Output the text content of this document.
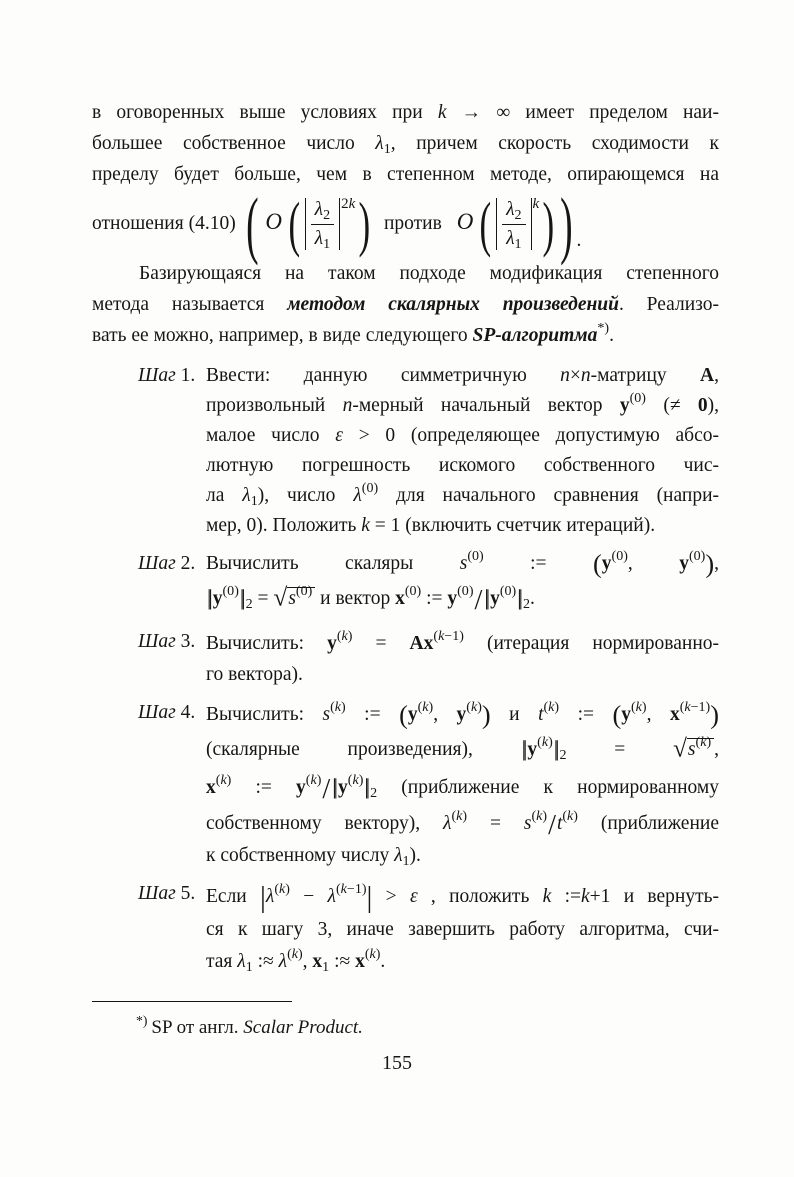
в оговоренных выше условиях при k → ∞ имеет пределом наи-
большее собственное число $\lambda_1$, причем скорость сходимости к
пределу будет больше, чем в степенном методе, опирающемся на

отношения (4.10) ( O ( $\frac{\lambda_2}{\lambda_1} 2k$ ) против O ( $\frac{\lambda_2}{\lambda_1}$ k ) ) .

Базирующаяся на таком подходе модификация степенного
метода называется методом скалярных произведений. Реализо-
вать ее можно, например, в виде следующего SP-алгоритма*).

Шаг 1. Ввести: данную симметричную n×n-матрицу A,
произвольный n-мерный начальный вектор $y^{(0)}$ (≠ 0),
малое число ε > 0 (определяющее допустимую абсо-
лютную погрешность искомого собственного чис-
ла $\lambda_1$), число $\lambda^{(0)}$ для начального сравнения (напри-
мер, 0). Положить k = 1 (включить счетчик итераций).
Шаг 2. Вычислить скаляры $s^{(0)}$ := ($y^{(0)}$, $y^{(0)}$),
|| $y^{(0)}||$ $_2 = √s^{(0)}$ и вектор $x^{(0)}$ := $y^{(0)}/||$ $y^{(0)}||$ $_2$.
Шаг 3. Вычислить: $y^{(k)} = Ax^{(k-1)}$ (итерация нормированно-
го вектора).
Шаг 4. Вычислить: $s^{(k)}$ := ($y^{(k)}$, $y^{(k)}$) и $t^{(k)}$ := ($y^{(k)}$, $x^{(k-1)}$)
(скалярные произведения), || $y^{(k)}||$ $_2 = √s^{(k)}$ ,
$x^{(k)}$ := $y^{(k)}/||$ $y^{(k)}||$ $_2$ (приближение к нормированному
собственному вектору), $\lambda^{(k)} = s^{(k)}/t^{(k)}$ (приближение
к собственному числу $\lambda_1$).
Шаг 5. Если $|\lambda^{(k)} - \lambda^{(k-1)}| > \varepsilon$ , положить k :=k+1 и вернуть-
ся к шагу 3, иначе завершить работу алгоритма, счи-
тая $\lambda_1$ :≈ $\lambda^{(k)}$, $x_1$ :≈ $x^{(k)}$.

*) SP от англ. Scalar Product.

155
